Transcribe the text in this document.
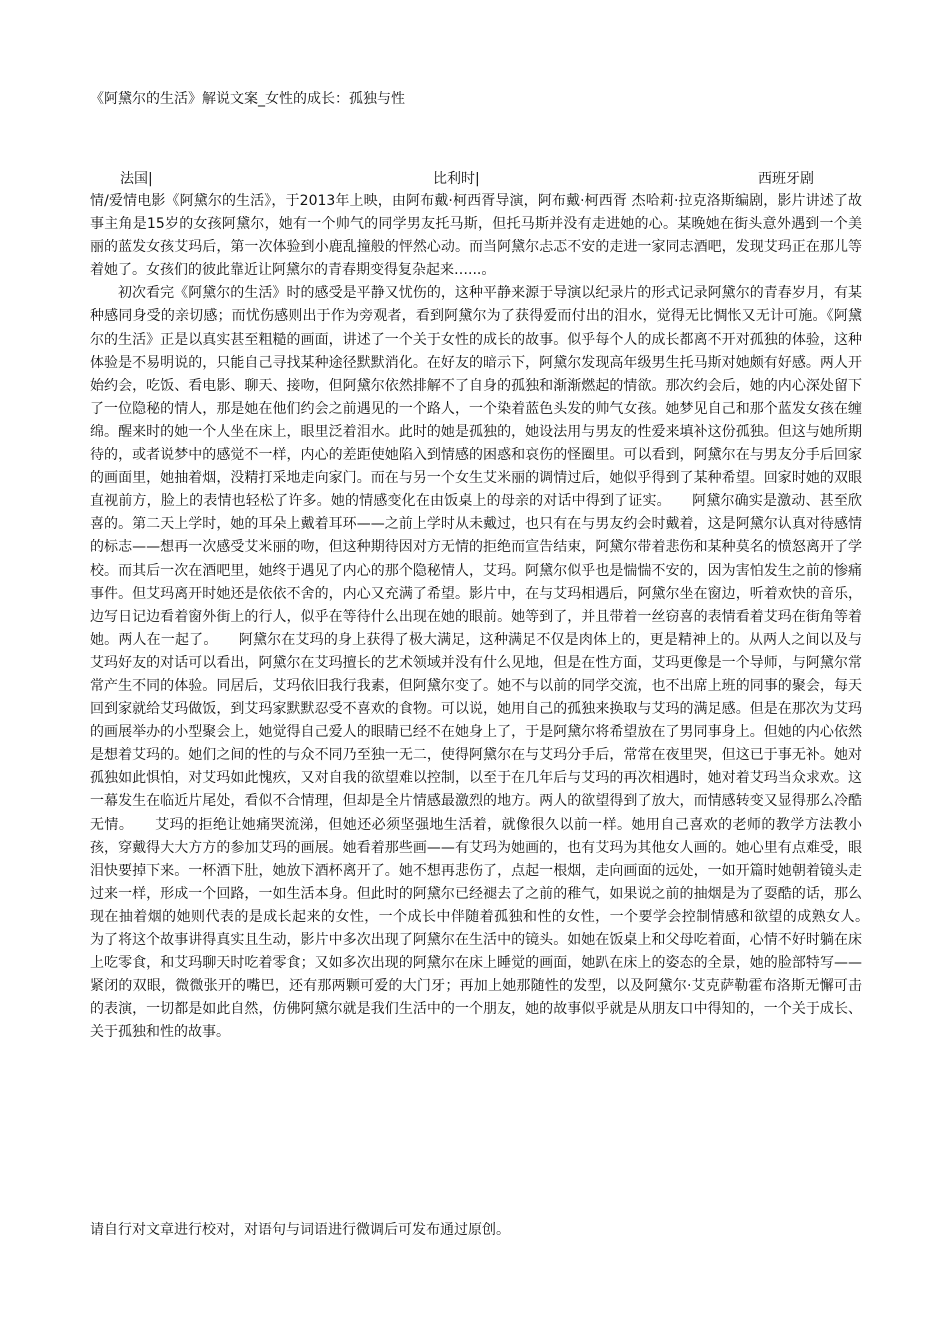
《阿黛尔的生活》解说文案_女性的成长：孤独与性
法国|	比利时|	西班牙剧

情/爱情电影《阿黛尔的生活》，于2013年上映，由阿布戴·柯西胥导演，阿布戴·柯西胥 杰哈莉·拉克洛斯编剧，影片讲述了故事主角是15岁的女孩阿黛尔，她有一个帅气的同学男友托马斯，但托马斯并没有走进她的心。某晚她在街头意外遇到一个美丽的蓝发女孩艾玛后，第一次体验到小鹿乱撞般的怦然心动。而当阿黛尔忐忑不安的走进一家同志酒吧，发现艾玛正在那儿等着她了。女孩们的彼此靠近让阿黛尔的青春期变得复杂起来…...。

初次看完《阿黛尔的生活》时的感受是平静又忧伤的，这种平静来源于导演以纪录片的形式记录阿黛尔的青春岁月，有某种感同身受的亲切感；而忧伤感则出于作为旁观者，看到阿黛尔为了获得爱而付出的泪水，觉得无比惆怅又无计可施。《阿黛尔的生活》正是以真实甚至粗糙的画面，讲述了一个关于女性的成长的故事。似乎每个人的成长都离不开对孤独的体验，这种体验是不易明说的，只能自己寻找某种途径默默消化。在好友的暗示下，阿黛尔发现高年级男生托马斯对她颇有好感。两人开始约会，吃饭、看电影、聊天、接吻，但阿黛尔依然排解不了自身的孤独和渐渐燃起的情欲。那次约会后，她的内心深处留下了一位隐秘的情人，那是她在他们约会之前遇见的一个路人，一个染着蓝色头发的帅气女孩。她梦见自己和那个蓝发女孩在缠绵。醒来时的她一个人坐在床上，眼里泛着泪水。此时的她是孤独的，她设法用与男友的性爱来填补这份孤独。但这与她所期待的，或者说梦中的感觉不一样，内心的差距使她陷入到情感的困惑和哀伤的怪圈里。可以看到，阿黛尔在与男友分手后回家的画面里，她抽着烟，没精打采地走向家门。而在与另一个女生艾米丽的调情过后，她似乎得到了某种希望。回家时她的双眼直视前方，脸上的表情也轻松了许多。她的情感变化在由饭桌上的母亲的对话中得到了证实。　　阿黛尔确实是激动、甚至欣喜的。第二天上学时，她的耳朵上戴着耳环——之前上学时从未戴过，也只有在与男友约会时戴着，这是阿黛尔认真对待感情的标志——想再一次感受艾米丽的吻，但这种期待因对方无情的拒绝而宣告结束，阿黛尔带着悲伤和某种莫名的愤怒离开了学校。而其后一次在酒吧里，她终于遇见了内心的那个隐秘情人，艾玛。阿黛尔似乎也是惴惴不安的，因为害怕发生之前的惨痛事件。但艾玛离开时她还是依依不舍的，内心又充满了希望。影片中，在与艾玛相遇后，阿黛尔坐在窗边，听着欢快的音乐，边写日记边看着窗外街上的行人，似乎在等待什么出现在她的眼前。她等到了，并且带着一丝窃喜的表情看着艾玛在街角等着她。两人在一起了。　　阿黛尔在艾玛的身上获得了极大满足，这种满足不仅是肉体上的，更是精神上的。从两人之间以及与艾玛好友的对话可以看出，阿黛尔在艾玛擅长的艺术领域并没有什么见地，但是在性方面，艾玛更像是一个导师，与阿黛尔常常产生不同的体验。同居后，艾玛依旧我行我素，但阿黛尔变了。她不与以前的同学交流，也不出席上班的同事的聚会，每天回到家就给艾玛做饭，到艾玛家默默忍受不喜欢的食物。可以说，她用自己的孤独来换取与艾玛的满足感。但是在那次为艾玛的画展举办的小型聚会上，她觉得自己爱人的眼睛已经不在她身上了，于是阿黛尔将希望放在了男同事身上。但她的内心依然是想着艾玛的。她们之间的性的与众不同乃至独一无二，使得阿黛尔在与艾玛分手后，常常在夜里哭，但这已于事无补。她对孤独如此惧怕，对艾玛如此愧疚，又对自我的欲望难以控制，以至于在几年后与艾玛的再次相遇时，她对着艾玛当众求欢。这一幕发生在临近片尾处，看似不合情理，但却是全片情感最激烈的地方。两人的欲望得到了放大，而情感转变又显得那么冷酷无情。　　艾玛的拒绝让她痛哭流涕，但她还必须坚强地生活着，就像很久以前一样。她用自己喜欢的老师的教学方法教小孩，穿戴得大大方方的参加艾玛的画展。她看着那些画——有艾玛为她画的，也有艾玛为其他女人画的。她心里有点难受，眼泪快要掉下来。一杯酒下肚，她放下酒杯离开了。她不想再悲伤了，点起一根烟，走向画面的远处，一如开篇时她朝着镜头走过来一样，形成一个回路，一如生活本身。但此时的阿黛尔已经褪去了之前的稚气，如果说之前的抽烟是为了耍酷的话，那么现在抽着烟的她则代表的是成长起来的女性，一个成长中伴随着孤独和性的女性，一个要学会控制情感和欲望的成熟女人。　　为了将这个故事讲得真实且生动，影片中多次出现了阿黛尔在生活中的镜头。如她在饭桌上和父母吃着面，心情不好时躺在床上吃零食，和艾玛聊天时吃着零食；又如多次出现的阿黛尔在床上睡觉的画面，她趴在床上的姿态的全景，她的脸部特写——紧闭的双眼，微微张开的嘴巴，还有那两颗可爱的大门牙；再加上她那随性的发型，以及阿黛尔·艾克萨勒霍布洛斯无懈可击的表演，一切都是如此自然，仿佛阿黛尔就是我们生活中的一个朋友，她的故事似乎就是从朋友口中得知的，一个关于成长、关于孤独和性的故事。

请自行对文章进行校对，对语句与词语进行微调后可发布通过原创。
